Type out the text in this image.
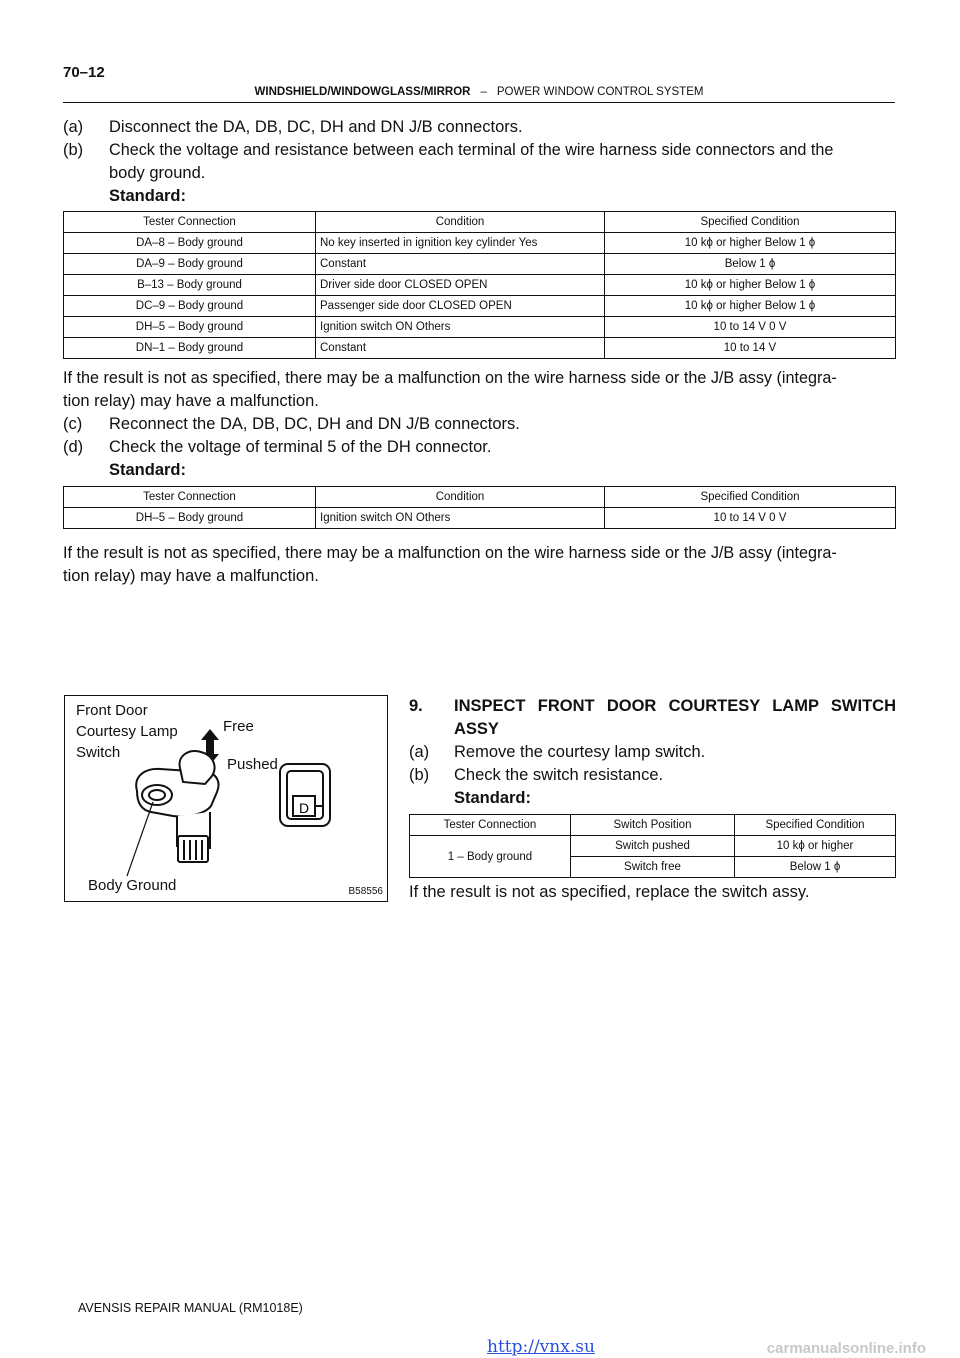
70–12
WINDSHIELD/WINDOWGLASS/MIRROR – POWER WINDOW CONTROL SYSTEM
(a) Disconnect the DA, DB, DC, DH and DN J/B connectors.
(b) Check the voltage and resistance between each terminal of the wire harness side connectors and the
body ground.
Standard:
Tester Connection	Condition	Specified Condition
DA–8 – Body ground	No key inserted in ignition key cylinder Yes	10 kϕ or higher Below 1 ϕ
DA–9 – Body ground	Constant	Below 1 ϕ
B–13 – Body ground	Driver side door CLOSED OPEN	10 kϕ or higher Below 1 ϕ
DC–9 – Body ground	Passenger side door CLOSED OPEN	10 kϕ or higher Below 1 ϕ
DH–5 – Body ground	Ignition switch ON Others	10 to 14 V 0 V
DN–1 – Body ground	Constant	10 to 14 V
If the result is not as specified, there may be a malfunction on the wire harness side or the J/B assy (integra-
tion relay) may have a malfunction.
(c) Reconnect the DA, DB, DC, DH and DN J/B connectors.
(d) Check the voltage of terminal 5 of the DH connector.
Standard:
Tester Connection	Condition	Specified Condition
DH–5 – Body ground	Ignition switch ON Others	10 to 14 V 0 V
If the result is not as specified, there may be a malfunction on the wire harness side or the J/B assy (integra-
tion relay) may have a malfunction.
Front Door
Courtesy Lamp
Switch
Free
Pushed
Body Ground
D
B58556
9. INSPECT FRONT DOOR COURTESY LAMP SWITCH
ASSY
(a) Remove the courtesy lamp switch.
(b) Check the switch resistance.
Standard:
Tester Connection	Switch Position	Specified Condition
1 – Body ground	Switch pushed	10 kϕ or higher
	Switch free	Below 1 ϕ
If the result is not as specified, replace the switch assy.
AVENSIS REPAIR MANUAL (RM1018E)
http://vnx.su	carmanualsonline.info
